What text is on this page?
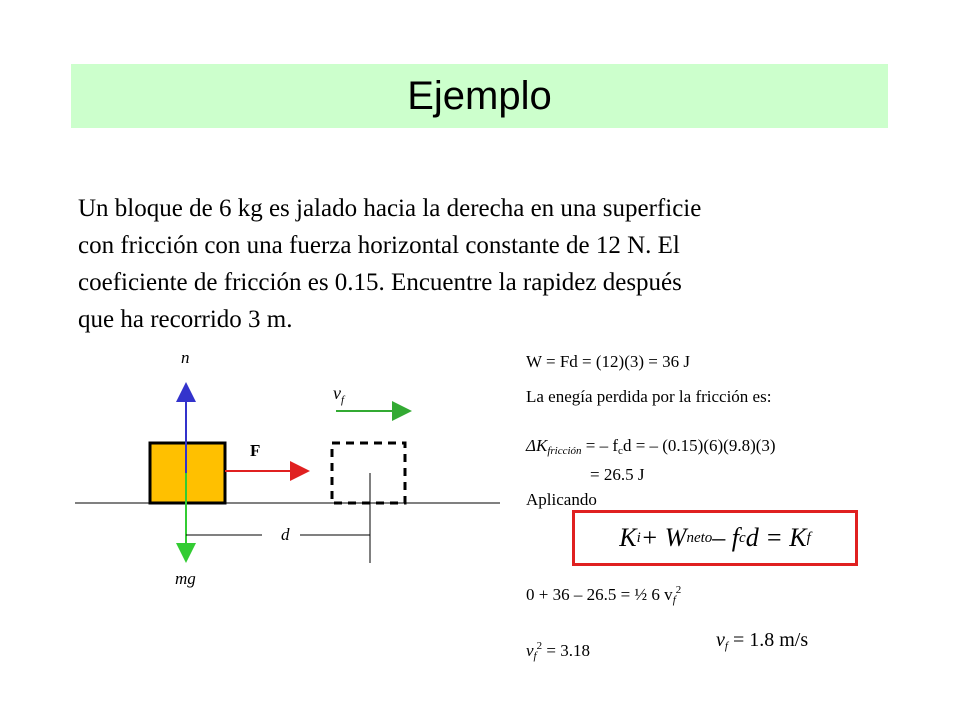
Ejemplo

Un bloque de 6 kg es jalado hacia la derecha en una superficie
con fricción con una fuerza horizontal constante de 12 N. El
coeficiente de fricción es 0.15. Encuentre la rapidez después
que ha recorrido 3 m.

n
mg
F
d
$v_f$
W = Fd = (12)(3) = 36 J
La enegía perdida por la fricción es:
$\Delta K_{fricción}$ = – $f_cd$ = – (0.15)(6)(9.8)(3)
= 26.5 J
Aplicando
K i + W neto – f c d = K f
0 + 36 – 26.5 = ½ 6 $v_f^2$
$v_f^2 = 3.18$	$v_f = 1.8$ m/s
